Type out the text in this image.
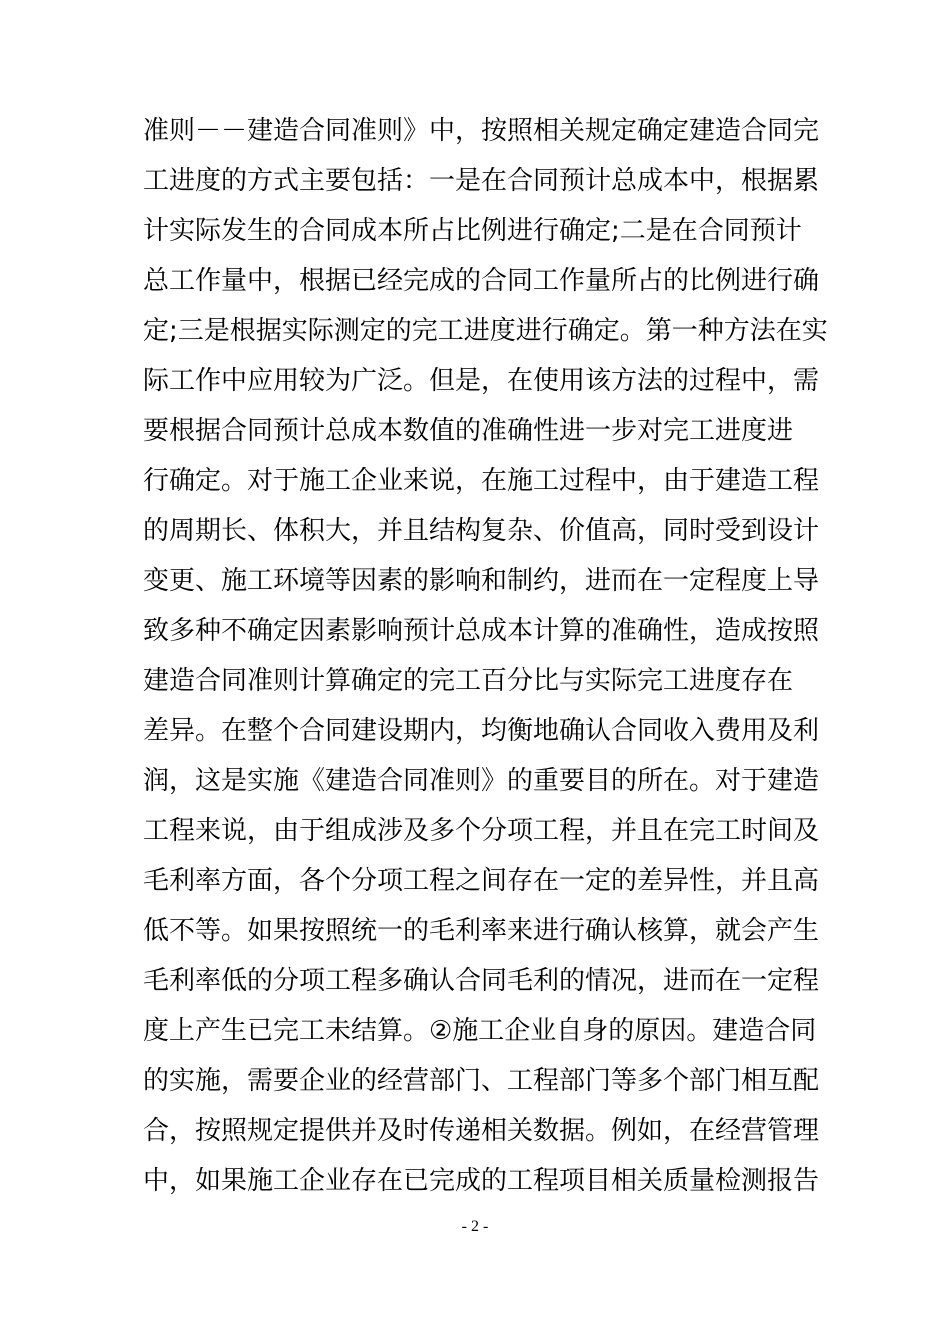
准则－－建造合同准则》中，按照相关规定确定建造合同完
工进度的方式主要包括：一是在合同预计总成本中，根据累
计实际发生的合同成本所占比例进行确定;二是在合同预计
总工作量中，根据已经完成的合同工作量所占的比例进行确
定;三是根据实际测定的完工进度进行确定。第一种方法在实
际工作中应用较为广泛。但是，在使用该方法的过程中，需
要根据合同预计总成本数值的准确性进一步对完工进度进
行确定。对于施工企业来说，在施工过程中，由于建造工程
的周期长、体积大，并且结构复杂、价值高，同时受到设计
变更、施工环境等因素的影响和制约，进而在一定程度上导
致多种不确定因素影响预计总成本计算的准确性，造成按照
建造合同准则计算确定的完工百分比与实际完工进度存在
差异。在整个合同建设期内，均衡地确认合同收入费用及利
润，这是实施《建造合同准则》的重要目的所在。对于建造
工程来说，由于组成涉及多个分项工程，并且在完工时间及
毛利率方面，各个分项工程之间存在一定的差异性，并且高
低不等。如果按照统一的毛利率来进行确认核算，就会产生
毛利率低的分项工程多确认合同毛利的情况，进而在一定程
度上产生已完工未结算。②施工企业自身的原因。建造合同
的实施，需要企业的经营部门、工程部门等多个部门相互配
合，按照规定提供并及时传递相关数据。例如，在经营管理
中，如果施工企业存在已完成的工程项目相关质量检测报告
- 2 -
